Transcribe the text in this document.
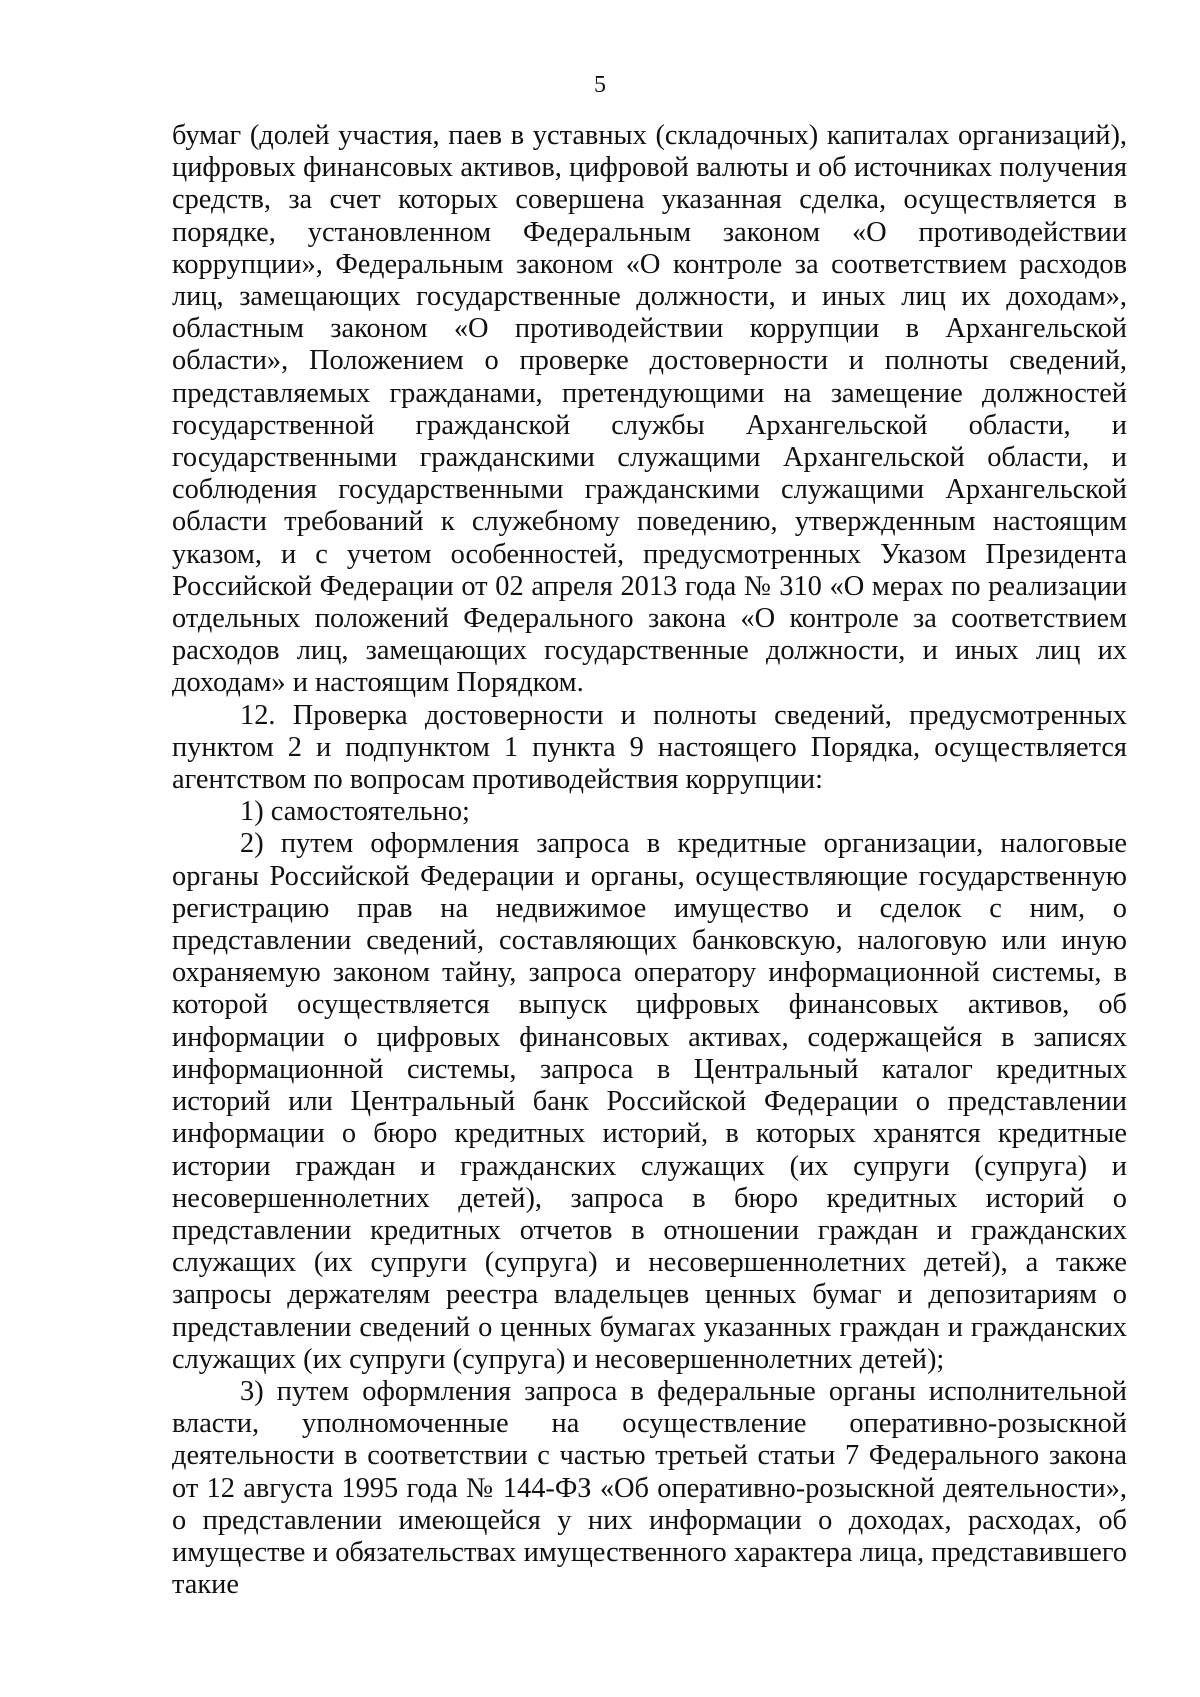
5

бумаг (долей участия, паев в уставных (складочных) капиталах организаций), цифровых финансовых активов, цифровой валюты и об источниках получения средств, за счет которых совершена указанная сделка, осуществляется в порядке, установленном Федеральным законом «О противодействии коррупции», Федеральным законом «О контроле за соответствием расходов лиц, замещающих государственные должности, и иных лиц их доходам», областным законом «О противодействии коррупции в Архангельской области», Положением о проверке достоверности и полноты сведений, представляемых гражданами, претендующими на замещение должностей государственной гражданской службы Архангельской области, и государственными гражданскими служащими Архангельской области, и соблюдения государственными гражданскими служащими Архангельской области требований к служебному поведению, утвержденным настоящим указом, и с учетом особенностей, предусмотренных Указом Президента Российской Федерации от 02 апреля 2013 года № 310 «О мерах по реализации отдельных положений Федерального закона «О контроле за соответствием расходов лиц, замещающих государственные должности, и иных лиц их доходам» и настоящим Порядком.

12. Проверка достоверности и полноты сведений, предусмотренных пунктом 2 и подпунктом 1 пункта 9 настоящего Порядка, осуществляется агентством по вопросам противодействия коррупции:

1) самостоятельно;

2) путем оформления запроса в кредитные организации, налоговые органы Российской Федерации и органы, осуществляющие государственную регистрацию прав на недвижимое имущество и сделок с ним, о представлении сведений, составляющих банковскую, налоговую или иную охраняемую законом тайну, запроса оператору информационной системы, в которой осуществляется выпуск цифровых финансовых активов, об информации о цифровых финансовых активах, содержащейся в записях информационной системы, запроса в Центральный каталог кредитных историй или Центральный банк Российской Федерации о представлении информации о бюро кредитных историй, в которых хранятся кредитные истории граждан и гражданских служащих (их супруги (супруга) и несовершеннолетних детей), запроса в бюро кредитных историй о представлении кредитных отчетов в отношении граждан и гражданских служащих (их супруги (супруга) и несовершеннолетних детей), а также запросы держателям реестра владельцев ценных бумаг и депозитариям о представлении сведений о ценных бумагах указанных граждан и гражданских служащих (их супруги (супруга) и несовершеннолетних детей);

3) путем оформления запроса в федеральные органы исполнительной власти, уполномоченные на осуществление оперативно-розыскной деятельности в соответствии с частью третьей статьи 7 Федерального закона от 12 августа 1995 года № 144-ФЗ «Об оперативно-розыскной деятельности», о представлении имеющейся у них информации о доходах, расходах, об имуществе и обязательствах имущественного характера лица, представившего такие
